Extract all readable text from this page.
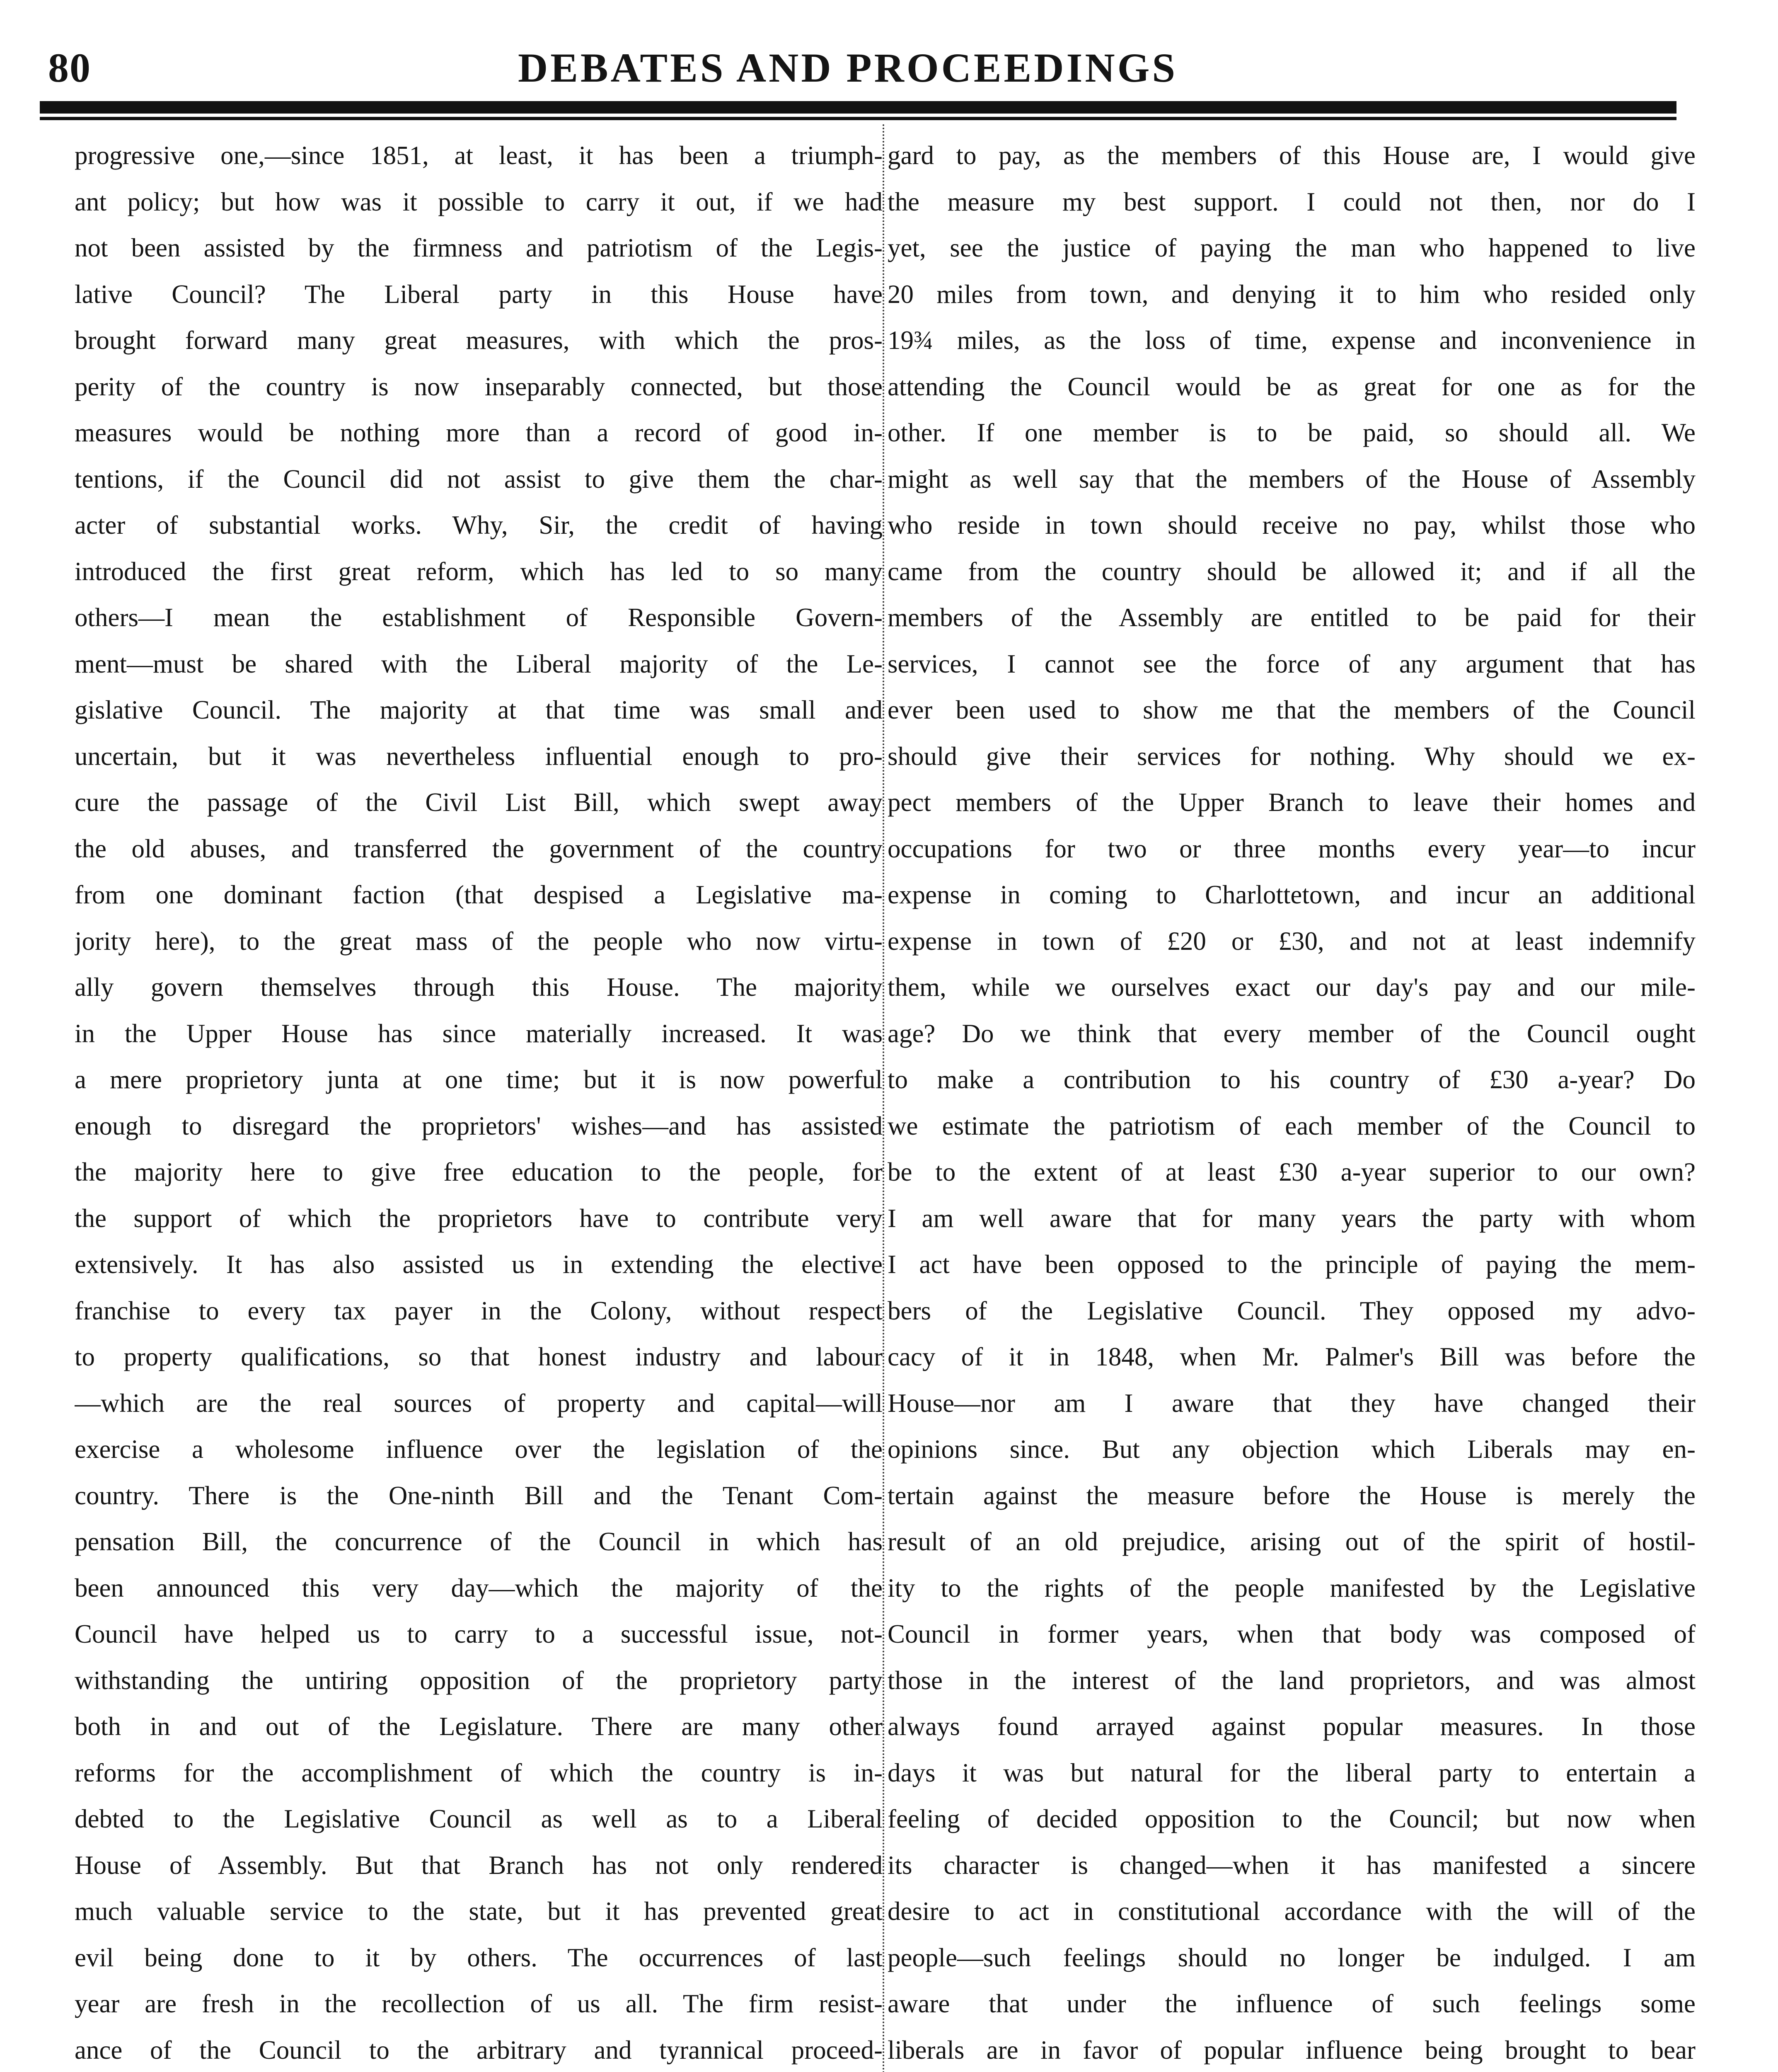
80	DEBATES AND PROCEEDINGS
progressive one,—since 1851, at least, it has been a triumph-
ant policy; but how was it possible to carry it out, if we had
not been assisted by the firmness and patriotism of the Legis-
lative Council? The Liberal party in this House have
brought forward many great measures, with which the pros-
perity of the country is now inseparably connected, but those
measures would be nothing more than a record of good in-
tentions, if the Council did not assist to give them the char-
acter of substantial works. Why, Sir, the credit of having
introduced the first great reform, which has led to so many
others—I mean the establishment of Responsible Govern-
ment—must be shared with the Liberal majority of the Le-
gislative Council. The majority at that time was small and
uncertain, but it was nevertheless influential enough to pro-
cure the passage of the Civil List Bill, which swept away
the old abuses, and transferred the government of the country
from one dominant faction (that despised a Legislative ma-
jority here), to the great mass of the people who now virtu-
ally govern themselves through this House. The majority
in the Upper House has since materially increased. It was
a mere proprietory junta at one time; but it is now powerful
enough to disregard the proprietors' wishes—and has assisted
the majority here to give free education to the people, for
the support of which the proprietors have to contribute very
extensively. It has also assisted us in extending the elective
franchise to every tax payer in the Colony, without respect
to property qualifications, so that honest industry and labour
—which are the real sources of property and capital—will
exercise a wholesome influence over the legislation of the
country. There is the One-ninth Bill and the Tenant Com-
pensation Bill, the concurrence of the Council in which has
been announced this very day—which the majority of the
Council have helped us to carry to a successful issue, not-
withstanding the untiring opposition of the proprietory party
both in and out of the Legislature. There are many other
reforms for the accomplishment of which the country is in-
debted to the Legislative Council as well as to a Liberal
House of Assembly. But that Branch has not only rendered
much valuable service to the state, but it has prevented great
evil being done to it by others. The occurrences of last
year are fresh in the recollection of us all. The firm resist-
ance of the Council to the arbitrary and tyrannical proceed-
gard to pay, as the members of this House are, I would give
the measure my best support. I could not then, nor do I
yet, see the justice of paying the man who happened to live
20 miles from town, and denying it to him who resided only
19¾ miles, as the loss of time, expense and inconvenience in
attending the Council would be as great for one as for the
other. If one member is to be paid, so should all. We
might as well say that the members of the House of Assembly
who reside in town should receive no pay, whilst those who
came from the country should be allowed it; and if all the
members of the Assembly are entitled to be paid for their
services, I cannot see the force of any argument that has
ever been used to show me that the members of the Council
should give their services for nothing. Why should we ex-
pect members of the Upper Branch to leave their homes and
occupations for two or three months every year—to incur
expense in coming to Charlottetown, and incur an additional
expense in town of £20 or £30, and not at least indemnify
them, while we ourselves exact our day's pay and our mile-
age? Do we think that every member of the Council ought
to make a contribution to his country of £30 a-year? Do
we estimate the patriotism of each member of the Council to
be to the extent of at least £30 a-year superior to our own?
I am well aware that for many years the party with whom
I act have been opposed to the principle of paying the mem-
bers of the Legislative Council. They opposed my advo-
cacy of it in 1848, when Mr. Palmer's Bill was before the
House—nor am I aware that they have changed their
opinions since. But any objection which Liberals may en-
tertain against the measure before the House is merely the
result of an old prejudice, arising out of the spirit of hostil-
ity to the rights of the people manifested by the Legislative
Council in former years, when that body was composed of
those in the interest of the land proprietors, and was almost
always found arrayed against popular measures. In those
days it was but natural for the liberal party to entertain a
feeling of decided opposition to the Council; but now when
its character is changed—when it has manifested a sincere
desire to act in constitutional accordance with the will of the
people—such feelings should no longer be indulged. I am
aware that under the influence of such feelings some
liberals are in favor of popular influence being brought to bear
